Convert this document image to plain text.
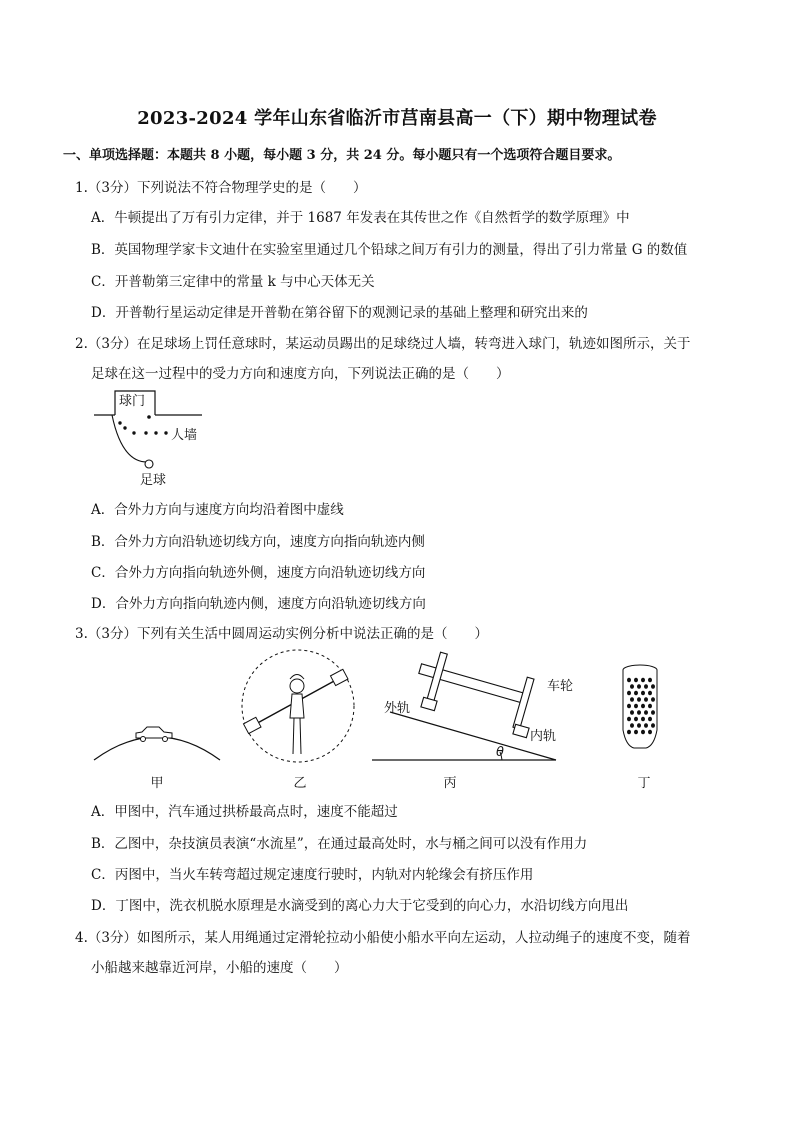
2023-2024 学年山东省临沂市莒南县高一（下）期中物理试卷
一、单项选择题：本题共 8 小题，每小题 3 分，共 24 分。每小题只有一个选项符合题目要求。
1.（3分）下列说法不符合物理学史的是（　　）
A．牛顿提出了万有引力定律，并于 1687 年发表在其传世之作《自然哲学的数学原理》中
B．英国物理学家卡文迪什在实验室里通过几个铅球之间万有引力的测量，得出了引力常量 G 的数值
C．开普勒第三定律中的常量 k 与中心天体无关
D．开普勒行星运动定律是开普勒在第谷留下的观测记录的基础上整理和研究出来的
2.（3分）在足球场上罚任意球时，某运动员踢出的足球绕过人墙，转弯进入球门，轨迹如图所示，关于
足球在这一过程中的受力方向和速度方向，下列说法正确的是（　　）
球门
人墙
足球
A．合外力方向与速度方向均沿着图中虚线
B．合外力方向沿轨迹切线方向，速度方向指向轨迹内侧
C．合外力方向指向轨迹外侧，速度方向沿轨迹切线方向
D．合外力方向指向轨迹内侧，速度方向沿轨迹切线方向
3.（3分）下列有关生活中圆周运动实例分析中说法正确的是（　　）
θ
外轨
车轮
内轨
甲	乙	丙	丁
A．甲图中，汽车通过拱桥最高点时，速度不能超过
B．乙图中，杂技演员表演“水流星”，在通过最高处时，水与桶之间可以没有作用力
C．丙图中，当火车转弯超过规定速度行驶时，内轨对内轮缘会有挤压作用
D．丁图中，洗衣机脱水原理是水滴受到的离心力大于它受到的向心力，水沿切线方向甩出
4.（3分）如图所示，某人用绳通过定滑轮拉动小船使小船水平向左运动，人拉动绳子的速度不变，随着
小船越来越靠近河岸，小船的速度（　　）
